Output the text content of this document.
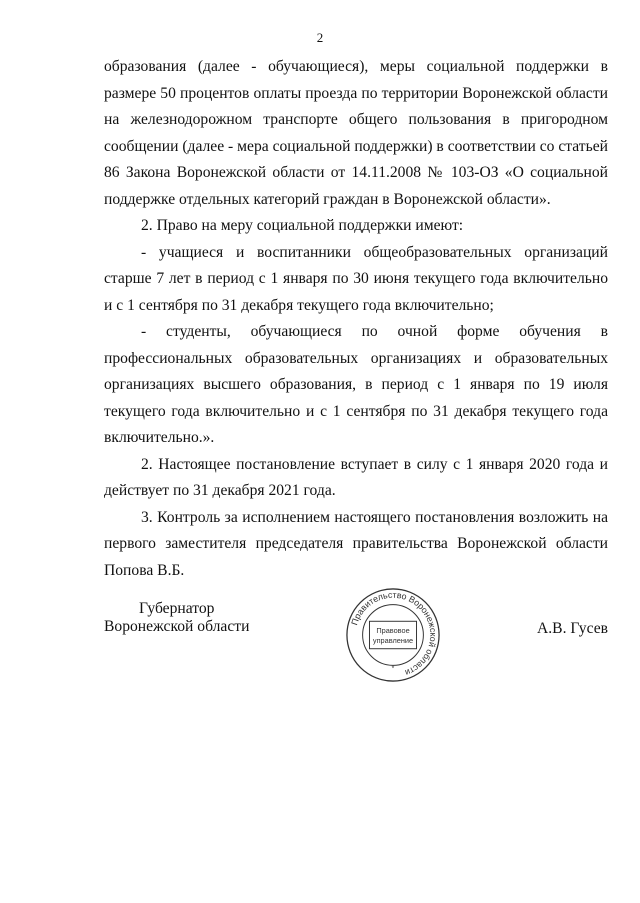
2

образования (далее - обучающиеся), меры социальной поддержки в размере 50 процентов оплаты проезда по территории Воронежской области на железнодорожном транспорте общего пользования в пригородном сообщении (далее - мера социальной поддержки) в соответствии со статьей 86 Закона Воронежской области от 14.11.2008 № 103-ОЗ «О социальной поддержке отдельных категорий граждан в Воронежской области».

2. Право на меру социальной поддержки имеют:

- учащиеся и воспитанники общеобразовательных организаций старше 7 лет в период с 1 января по 30 июня текущего года включительно и с 1 сентября по 31 декабря текущего года включительно;

- студенты, обучающиеся по очной форме обучения в профессиональных образовательных организациях и образовательных организациях высшего образования, в период с 1 января по 19 июля текущего года включительно и с 1 сентября по 31 декабря текущего года включительно.».

2. Настоящее постановление вступает в силу с 1 января 2020 года и действует по 31 декабря 2021 года.

3. Контроль за исполнением настоящего постановления возложить на первого заместителя председателя правительства Воронежской области Попова В.Б.

Губернатор
Воронежской области	Правительство Воронежской области
Правовое
управление
*
А.В. Гусев
